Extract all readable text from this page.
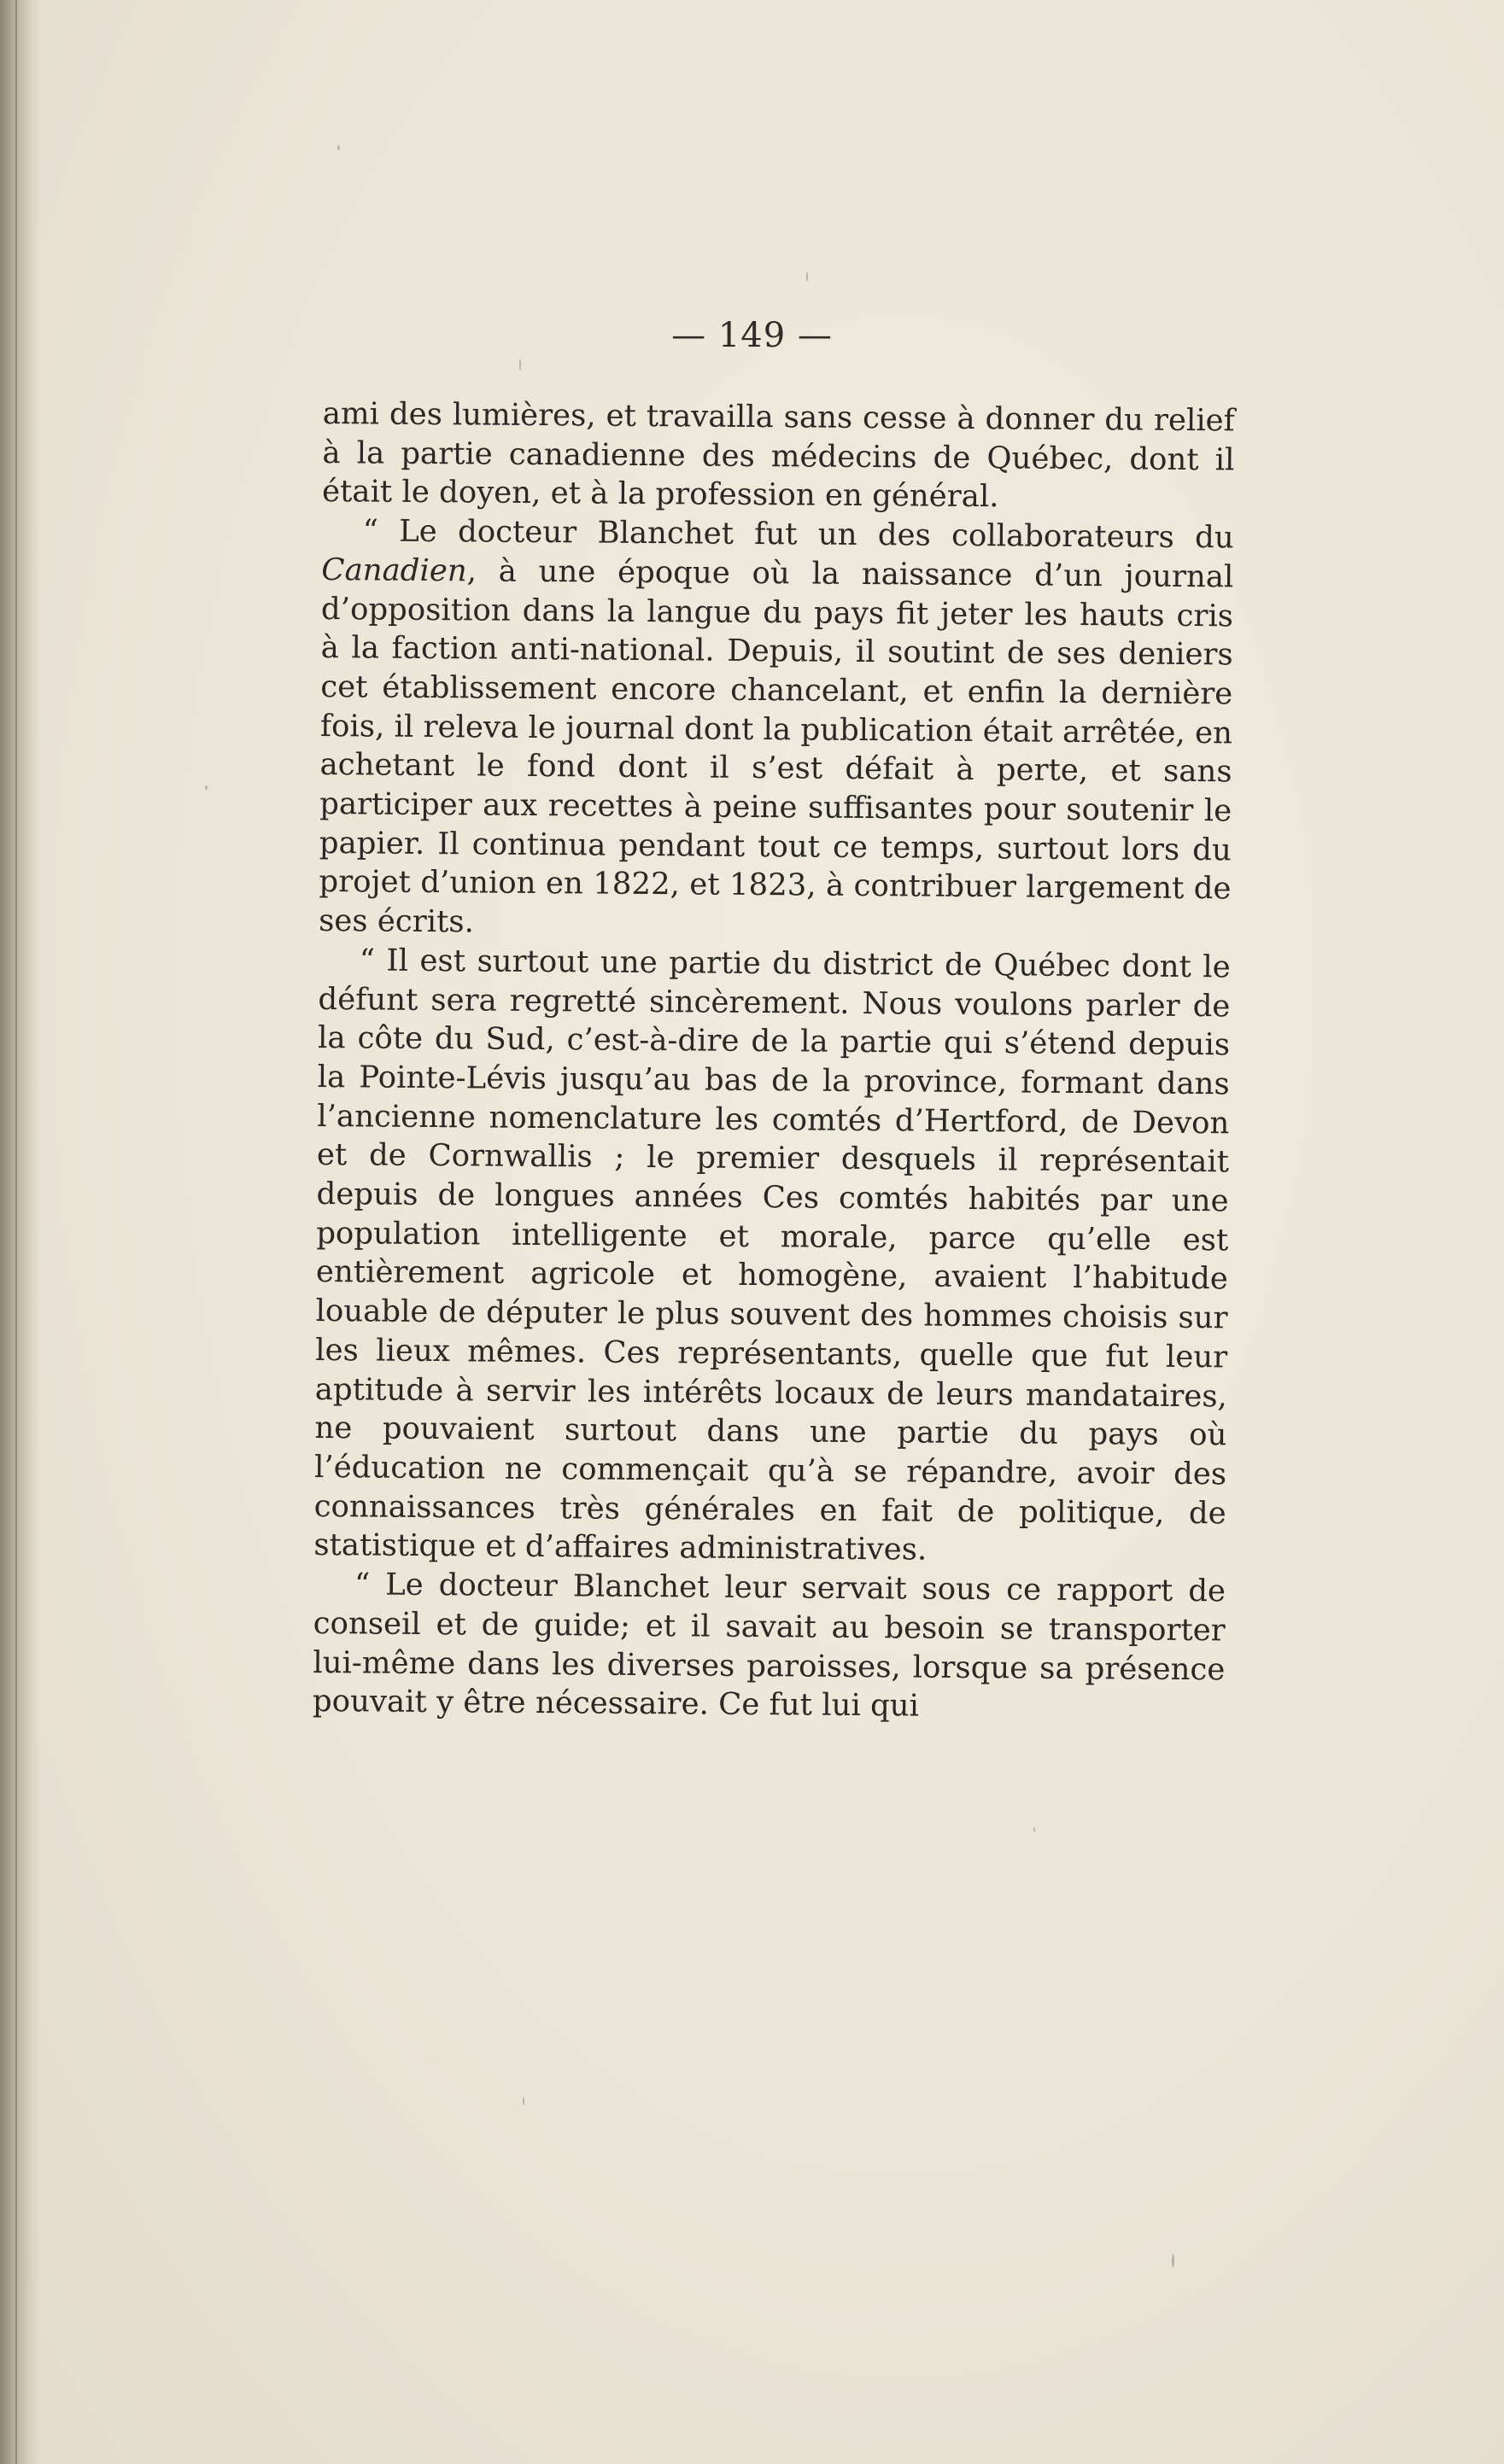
— 149 —

ami des lumières, et travailla sans cesse à donner du relief à la partie canadienne des médecins de Québec, dont il était le doyen, et à la profession en général.

“ Le docteur Blanchet fut un des collaborateurs du Canadien, à une époque où la naissance d’un journal d’opposition dans la langue du pays fit jeter les hauts cris à la faction anti-national. Depuis, il soutint de ses deniers cet établissement encore chancelant, et enfin la dernière fois, il releva le journal dont la publication était arrêtée, en achetant le fond dont il s’est défait à perte, et sans participer aux recettes à peine suffisantes pour soutenir le papier. Il continua pendant tout ce temps, surtout lors du projet d’union en 1822, et 1823, à contribuer largement de ses écrits.

“ Il est surtout une partie du district de Québec dont le défunt sera regretté sincèrement. Nous voulons parler de la côte du Sud, c’est-à-dire de la partie qui s’étend depuis la Pointe-Lévis jusqu’au bas de la province, formant dans l’ancienne nomenclature les comtés d’Hertford, de Devon et de Cornwallis ; le premier desquels il représentait depuis de longues années Ces comtés habités par une population intelligente et morale, parce qu’elle est entièrement agricole et homogène, avaient l’habitude louable de députer le plus souvent des hommes choisis sur les lieux mêmes. Ces représentants, quelle que fut leur aptitude à servir les intérêts locaux de leurs mandataires, ne pouvaient surtout dans une partie du pays où l’éducation ne commençait qu’à se répandre, avoir des connaissances très générales en fait de politique, de statistique et d’affaires administratives.

“ Le docteur Blanchet leur servait sous ce rapport de conseil et de guide; et il savait au besoin se transporter lui-même dans les diverses paroisses, lorsque sa présence pouvait y être nécessaire. Ce fut lui qui
